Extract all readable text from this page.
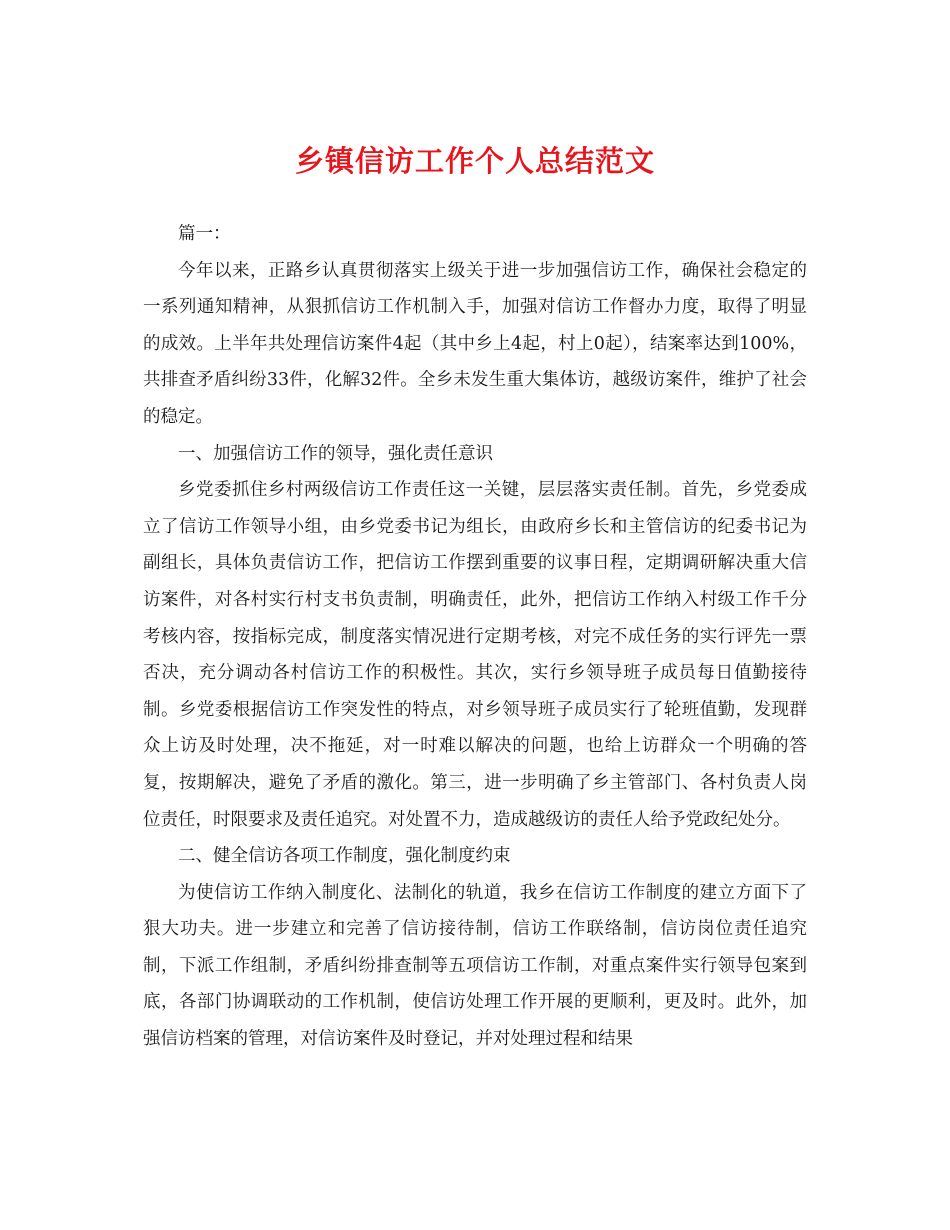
乡镇信访工作个人总结范文

篇一：

今年以来，正路乡认真贯彻落实上级关于进一步加强信访工作，确保社会稳定的一系列通知精神，从狠抓信访工作机制入手，加强对信访工作督办力度，取得了明显的成效。上半年共处理信访案件4起（其中乡上4起，村上0起），结案率达到100%，共排查矛盾纠纷33件，化解32件。全乡未发生重大集体访，越级访案件，维护了社会的稳定。

一、加强信访工作的领导，强化责任意识

乡党委抓住乡村两级信访工作责任这一关键，层层落实责任制。首先，乡党委成立了信访工作领导小组，由乡党委书记为组长，由政府乡长和主管信访的纪委书记为副组长，具体负责信访工作，把信访工作摆到重要的议事日程，定期调研解决重大信访案件，对各村实行村支书负责制，明确责任，此外，把信访工作纳入村级工作千分考核内容，按指标完成，制度落实情况进行定期考核，对完不成任务的实行评先一票否决，充分调动各村信访工作的积极性。其次，实行乡领导班子成员每日值勤接待制。乡党委根据信访工作突发性的特点，对乡领导班子成员实行了轮班值勤，发现群众上访及时处理，决不拖延，对一时难以解决的问题，也给上访群众一个明确的答复，按期解决，避免了矛盾的激化。第三，进一步明确了乡主管部门、各村负责人岗位责任，时限要求及责任追究。对处置不力，造成越级访的责任人给予党政纪处分。

二、健全信访各项工作制度，强化制度约束

为使信访工作纳入制度化、法制化的轨道，我乡在信访工作制度的建立方面下了狠大功夫。进一步建立和完善了信访接待制，信访工作联络制，信访岗位责任追究制，下派工作组制，矛盾纠纷排查制等五项信访工作制，对重点案件实行领导包案到底，各部门协调联动的工作机制，使信访处理工作开展的更顺利，更及时。此外，加强信访档案的管理，对信访案件及时登记，并对处理过程和结果
